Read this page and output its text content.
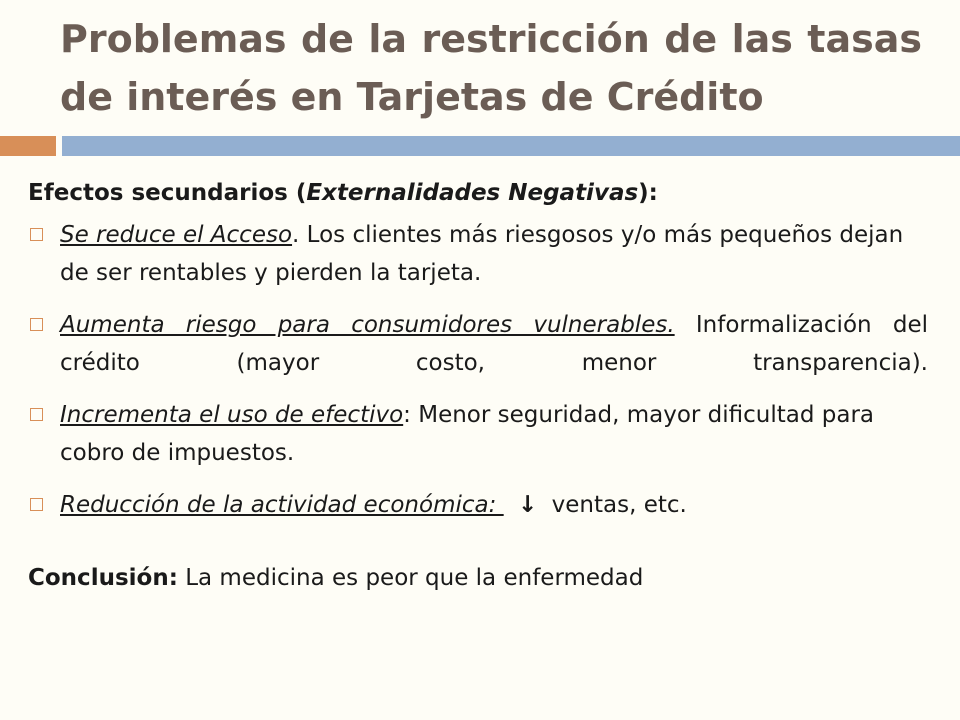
Problemas de la restricción de las tasas de interés en Tarjetas de Crédito
Efectos secundarios (Externalidades Negativas):
Se reduce el Acceso. Los clientes más riesgosos y/o más pequeños dejan de ser rentables y pierden la tarjeta.
Aumenta riesgo para consumidores vulnerables. Informalización del crédito (mayor costo, menor transparencia).
Incrementa el uso de efectivo: Menor seguridad, mayor dificultad para cobro de impuestos.
Reducción de la actividad económica: ↓ ventas, etc.
Conclusión: La medicina es peor que la enfermedad
